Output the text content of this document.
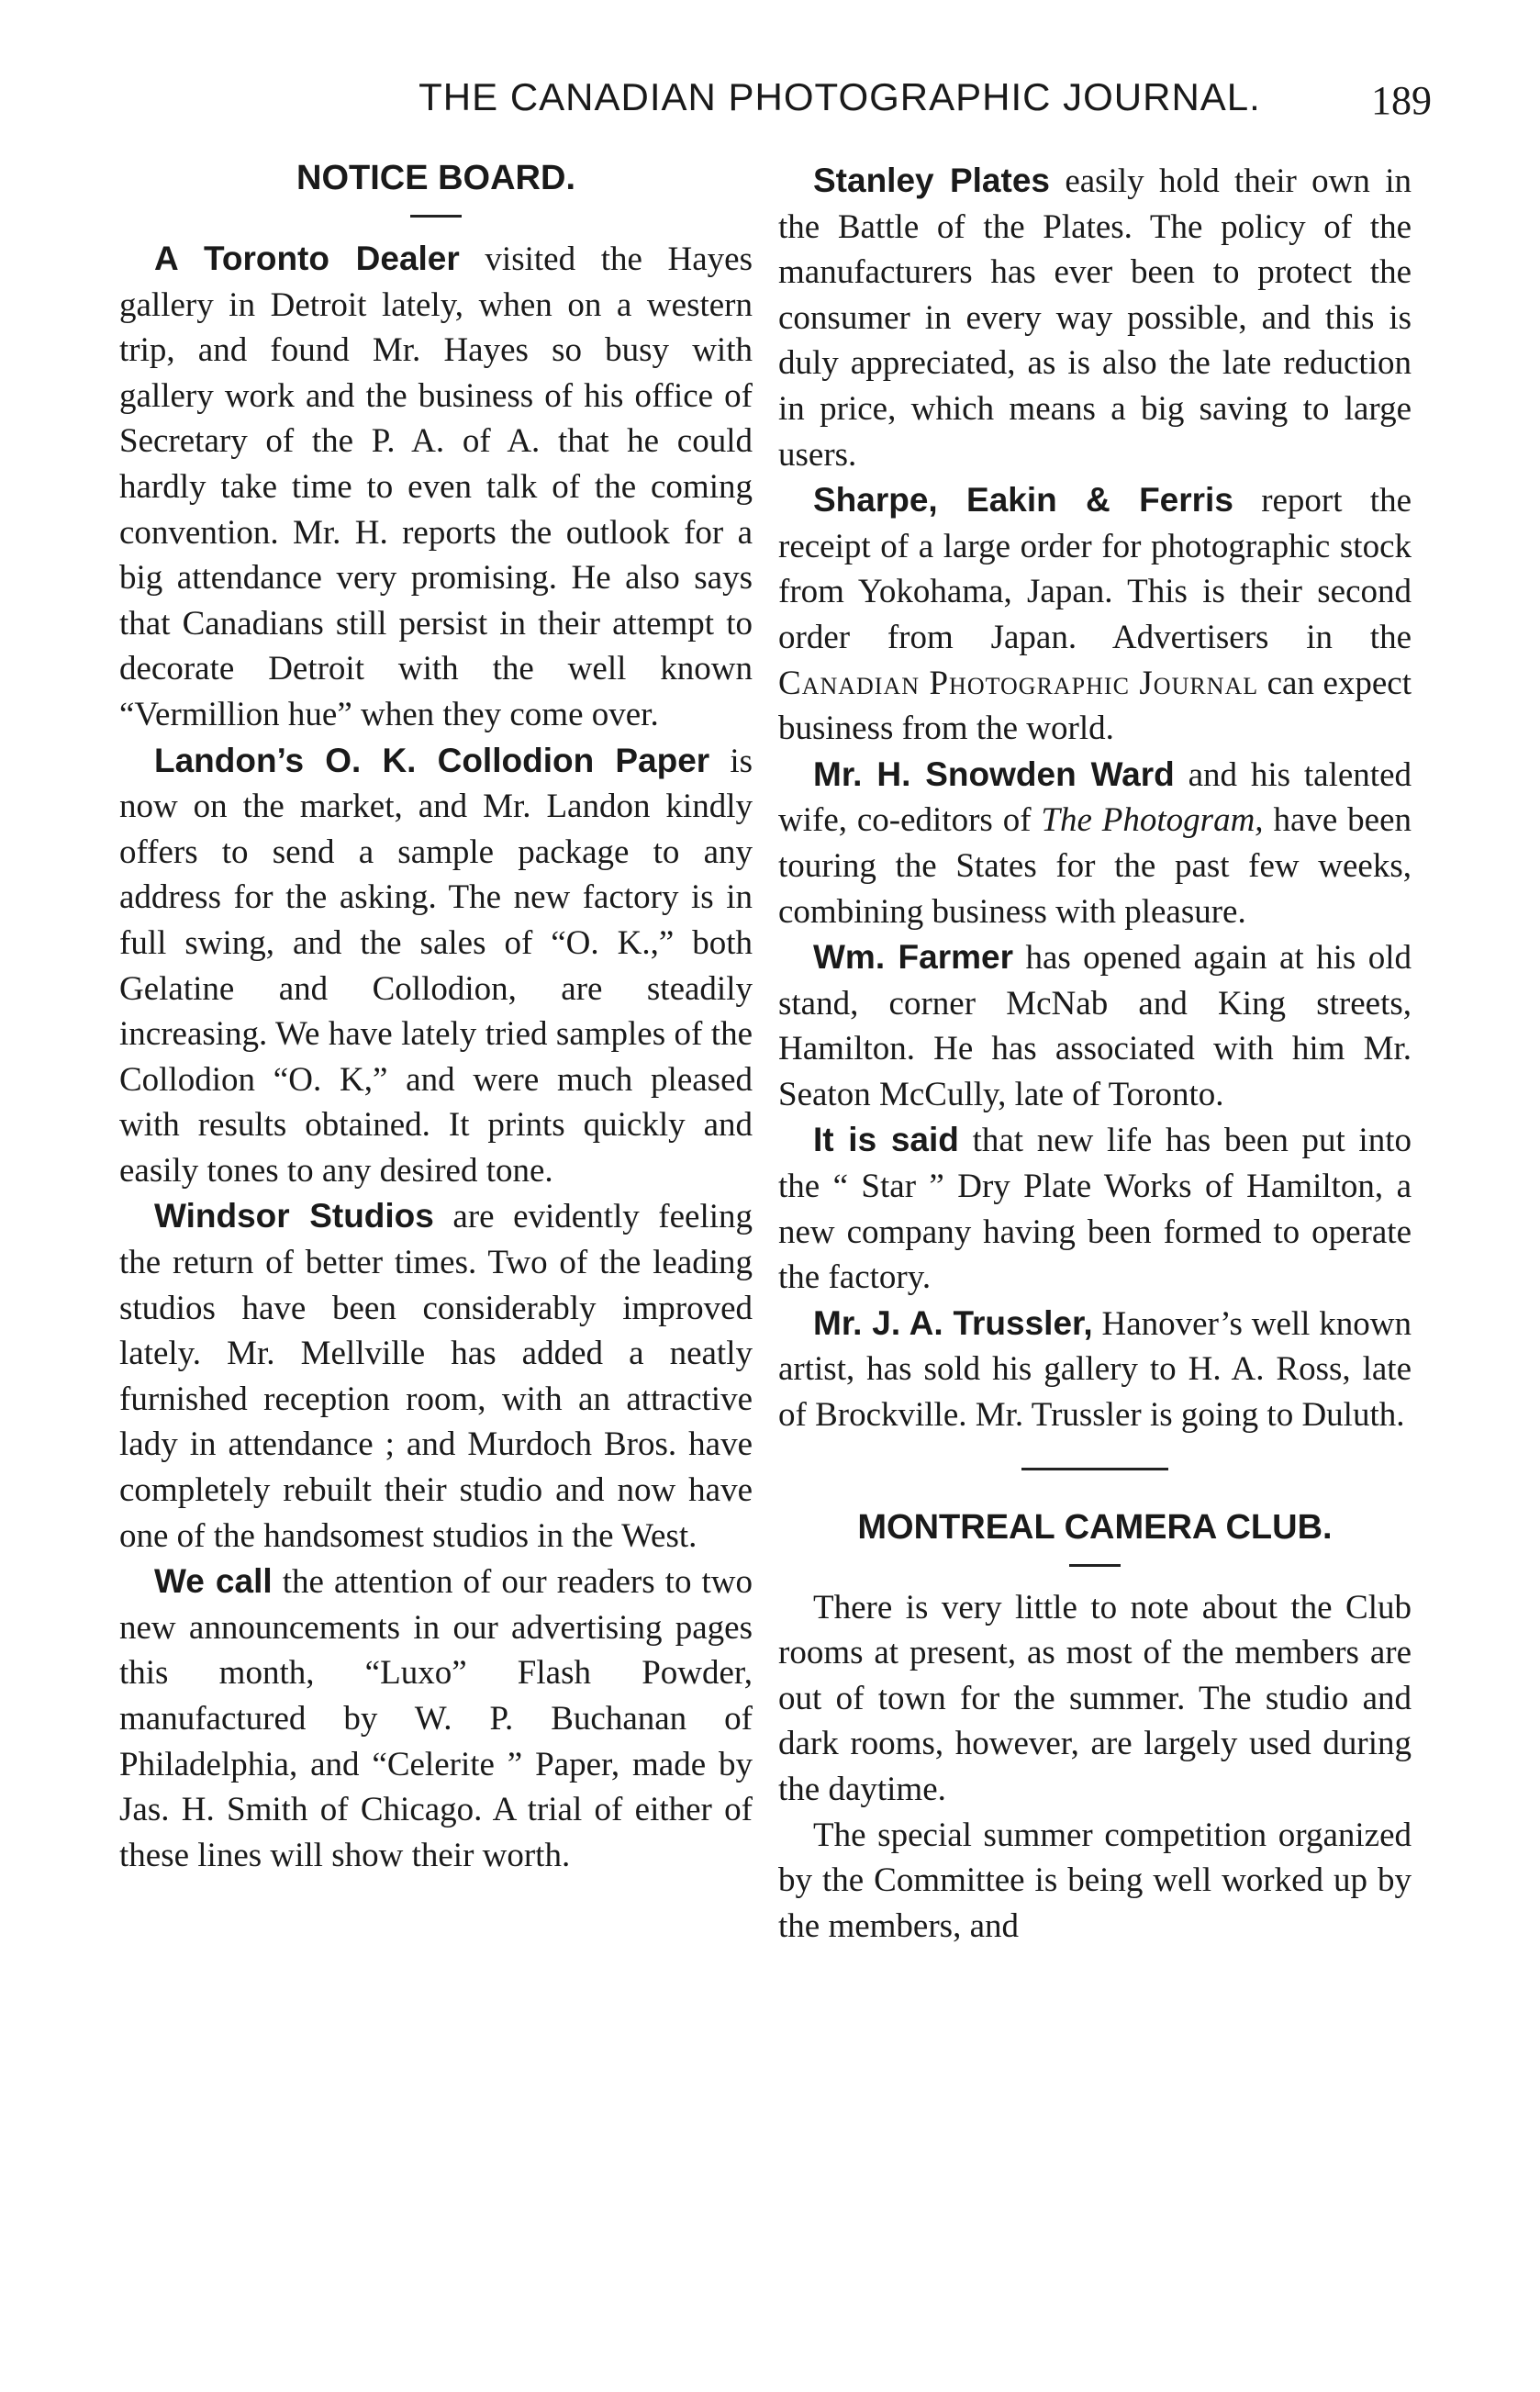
THE CANADIAN PHOTOGRAPHIC JOURNAL.	189
NOTICE BOARD.

A Toronto Dealer visited the Hayes gallery in Detroit lately, when on a western trip, and found Mr. Hayes so busy with gallery work and the business of his office of Secretary of the P. A. of A. that he could hardly take time to even talk of the coming convention. Mr. H. reports the outlook for a big attendance very promising. He also says that Canadians still persist in their attempt to decorate Detroit with the well known “Vermillion hue” when they come over.

Landon’s O. K. Collodion Paper is now on the market, and Mr. Landon kindly offers to send a sample package to any address for the asking. The new factory is in full swing, and the sales of “O. K.,” both Gelatine and Collodion, are steadily increasing. We have lately tried samples of the Collodion “O. K,” and were much pleased with results obtained. It prints quickly and easily tones to any desired tone.

Windsor Studios are evidently feeling the return of better times. Two of the leading studios have been considerably improved lately. Mr. Mellville has added a neatly furnished reception room, with an attractive lady in attendance ; and Murdoch Bros. have completely rebuilt their studio and now have one of the handsomest studios in the West.

We call the attention of our readers to two new announcements in our advertising pages this month, “Luxo” Flash Powder, manufactured by W. P. Buchanan of Philadelphia, and “Celerite ” Paper, made by Jas. H. Smith of Chicago. A trial of either of these lines will show their worth.

Stanley Plates easily hold their own in the Battle of the Plates. The policy of the manufacturers has ever been to protect the consumer in every way possible, and this is duly appreciated, as is also the late reduction in price, which means a big saving to large users.

Sharpe, Eakin & Ferris report the receipt of a large order for photographic stock from Yokohama, Japan. This is their second order from Japan. Advertisers in the Canadian Photographic Journal can expect business from the world.

Mr. H. Snowden Ward and his talented wife, co-editors of The Photogram, have been touring the States for the past few weeks, combining business with pleasure.

Wm. Farmer has opened again at his old stand, corner McNab and King streets, Hamilton. He has associated with him Mr. Seaton McCully, late of Toronto.

It is said that new life has been put into the “ Star ” Dry Plate Works of Hamilton, a new company having been formed to operate the factory.

Mr. J. A. Trussler, Hanover’s well known artist, has sold his gallery to H. A. Ross, late of Brockville. Mr. Trussler is going to Duluth.

MONTREAL CAMERA CLUB.

There is very little to note about the Club rooms at present, as most of the members are out of town for the summer. The studio and dark rooms, however, are largely used during the daytime.

The special summer competition organized by the Committee is being well worked up by the members, and
